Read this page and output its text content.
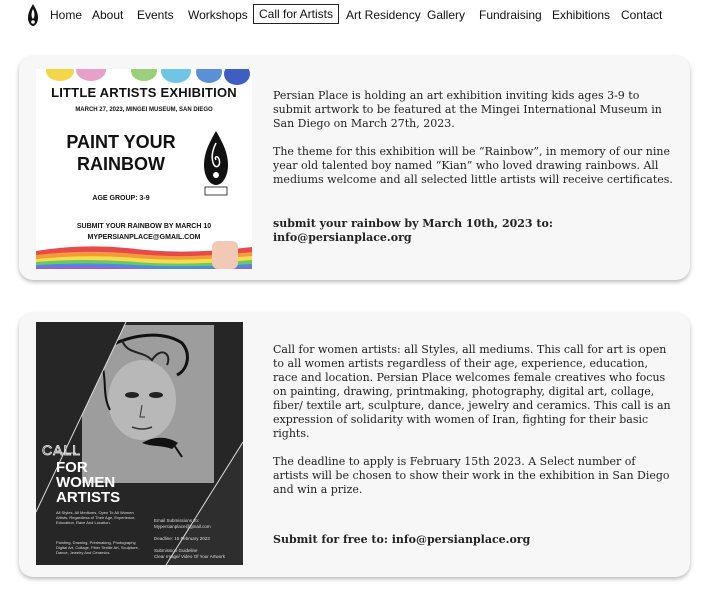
Home About Events Workshops Call for Artists	Art Residency Gallery Fundraising Exhibitions Contact
LITTLE ARTISTS EXHIBITION
MARCH 27, 2023, MINGEI MUSEUM, SAN DIEGO
PAINT YOUR RAINBOW
AGE GROUP: 3-9
SUBMIT YOUR RAINBOW BY MARCH 10
MYPERSIANPLACE@GMAIL.COM

Persian Place is holding an art exhibition inviting kids ages 3-9 to submit artwork to be featured at the Mingei International Museum in San Diego on March 27th, 2023.

The theme for this exhibition will be “Rainbow”, in memory of our nine year old talented boy named “Kian” who loved drawing rainbows. All mediums welcome and all selected little artists will receive certificates.

submit your rainbow by March 10th, 2023 to: info@persianplace.org

CALL
FOR
WOMEN
ARTISTS
All Styles, All Mediums, Open To All Women Artists, Regardless of Their Age, Experience, Education, Race And Location.
Painting, Drawing, Printmaking, Photography, Digital Art, Collage, Fiber Textile Art, Sculpture, Dance, Jewelry And Ceramics.
Email Submissions To:
Mypersianplace@gmail.com
Deadline: 15 February 2023
Submission Guideline
Clear Image/ Video Of Your Artwork

Call for women artists: all Styles, all mediums. This call for art is open to all women artists regardless of their age, experience, education, race and location. Persian Place welcomes female creatives who focus on painting, drawing, printmaking, photography, digital art, collage, fiber/ textile art, sculpture, dance, jewelry and ceramics. This call is an expression of solidarity with women of Iran, fighting for their basic rights.

The deadline to apply is February 15th 2023. A Select number of artists will be chosen to show their work in the exhibition in San Diego and win a prize.

Submit for free to: info@persianplace.org
